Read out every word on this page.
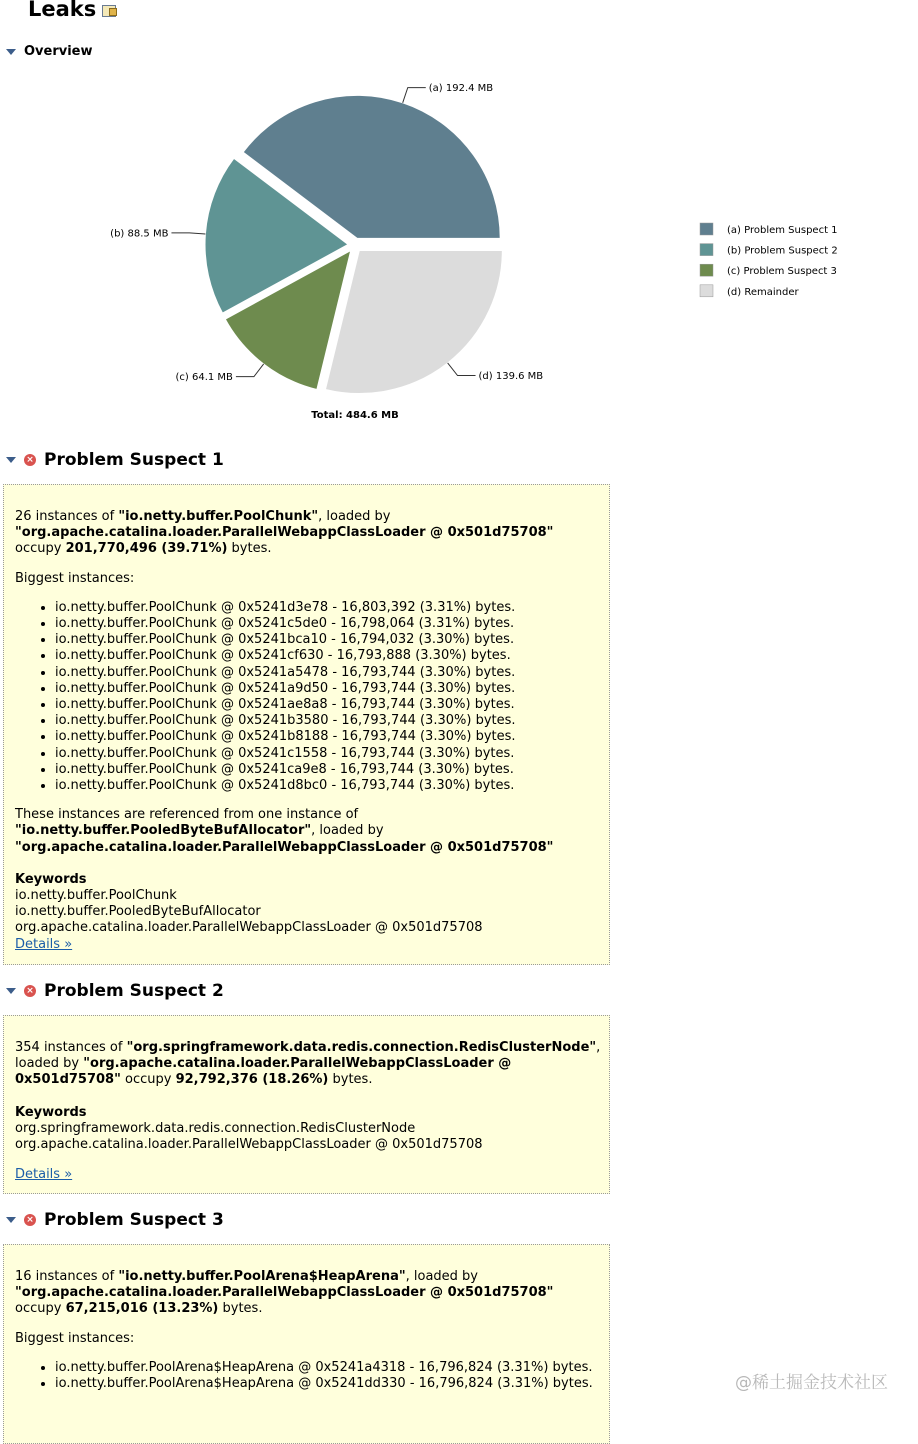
Leaks
Overview
(a) 192.4 MB
(a) Problem Suspect 1
(b) 88.5 MB
(b) Problem Suspect 2
(c) 64.1 MB
(c) Problem Suspect 3
(d) 139.6 MB
(d) Remainder
Total: 484.6 MB
× Problem Suspect 1

26 instances of "io.netty.buffer.PoolChunk", loaded by "org.apache.catalina.loader.ParallelWebappClassLoader @ 0x501d75708" occupy 201,770,496 (39.71%) bytes.

Biggest instances:

• io.netty.buffer.PoolChunk @ 0x5241d3e78 - 16,803,392 (3.31%) bytes.
• io.netty.buffer.PoolChunk @ 0x5241c5de0 - 16,798,064 (3.31%) bytes.
• io.netty.buffer.PoolChunk @ 0x5241bca10 - 16,794,032 (3.30%) bytes.
• io.netty.buffer.PoolChunk @ 0x5241cf630 - 16,793,888 (3.30%) bytes.
• io.netty.buffer.PoolChunk @ 0x5241a5478 - 16,793,744 (3.30%) bytes.
• io.netty.buffer.PoolChunk @ 0x5241a9d50 - 16,793,744 (3.30%) bytes.
• io.netty.buffer.PoolChunk @ 0x5241ae8a8 - 16,793,744 (3.30%) bytes.
• io.netty.buffer.PoolChunk @ 0x5241b3580 - 16,793,744 (3.30%) bytes.
• io.netty.buffer.PoolChunk @ 0x5241b8188 - 16,793,744 (3.30%) bytes.
• io.netty.buffer.PoolChunk @ 0x5241c1558 - 16,793,744 (3.30%) bytes.
• io.netty.buffer.PoolChunk @ 0x5241ca9e8 - 16,793,744 (3.30%) bytes.
• io.netty.buffer.PoolChunk @ 0x5241d8bc0 - 16,793,744 (3.30%) bytes.

These instances are referenced from one instance of "io.netty.buffer.PooledByteBufAllocator", loaded by "org.apache.catalina.loader.ParallelWebappClassLoader @ 0x501d75708"

Keywords

io.netty.buffer.PoolChunk
io.netty.buffer.PooledByteBufAllocator
org.apache.catalina.loader.ParallelWebappClassLoader @ 0x501d75708

Details »

× Problem Suspect 2

354 instances of "org.springframework.data.redis.connection.RedisClusterNode", loaded by "org.apache.catalina.loader.ParallelWebappClassLoader @ 0x501d75708" occupy 92,792,376 (18.26%) bytes.

Keywords

org.springframework.data.redis.connection.RedisClusterNode
org.apache.catalina.loader.ParallelWebappClassLoader @ 0x501d75708

Details »

× Problem Suspect 3

16 instances of "io.netty.buffer.PoolArena$HeapArena", loaded by "org.apache.catalina.loader.ParallelWebappClassLoader @ 0x501d75708" occupy 67,215,016 (13.23%) bytes.

Biggest instances:

• io.netty.buffer.PoolArena$HeapArena @ 0x5241a4318 - 16,796,824 (3.31%) bytes.
• io.netty.buffer.PoolArena$HeapArena @ 0x5241dd330 - 16,796,824 (3.31%) bytes.	@稀土掘金技术社区
